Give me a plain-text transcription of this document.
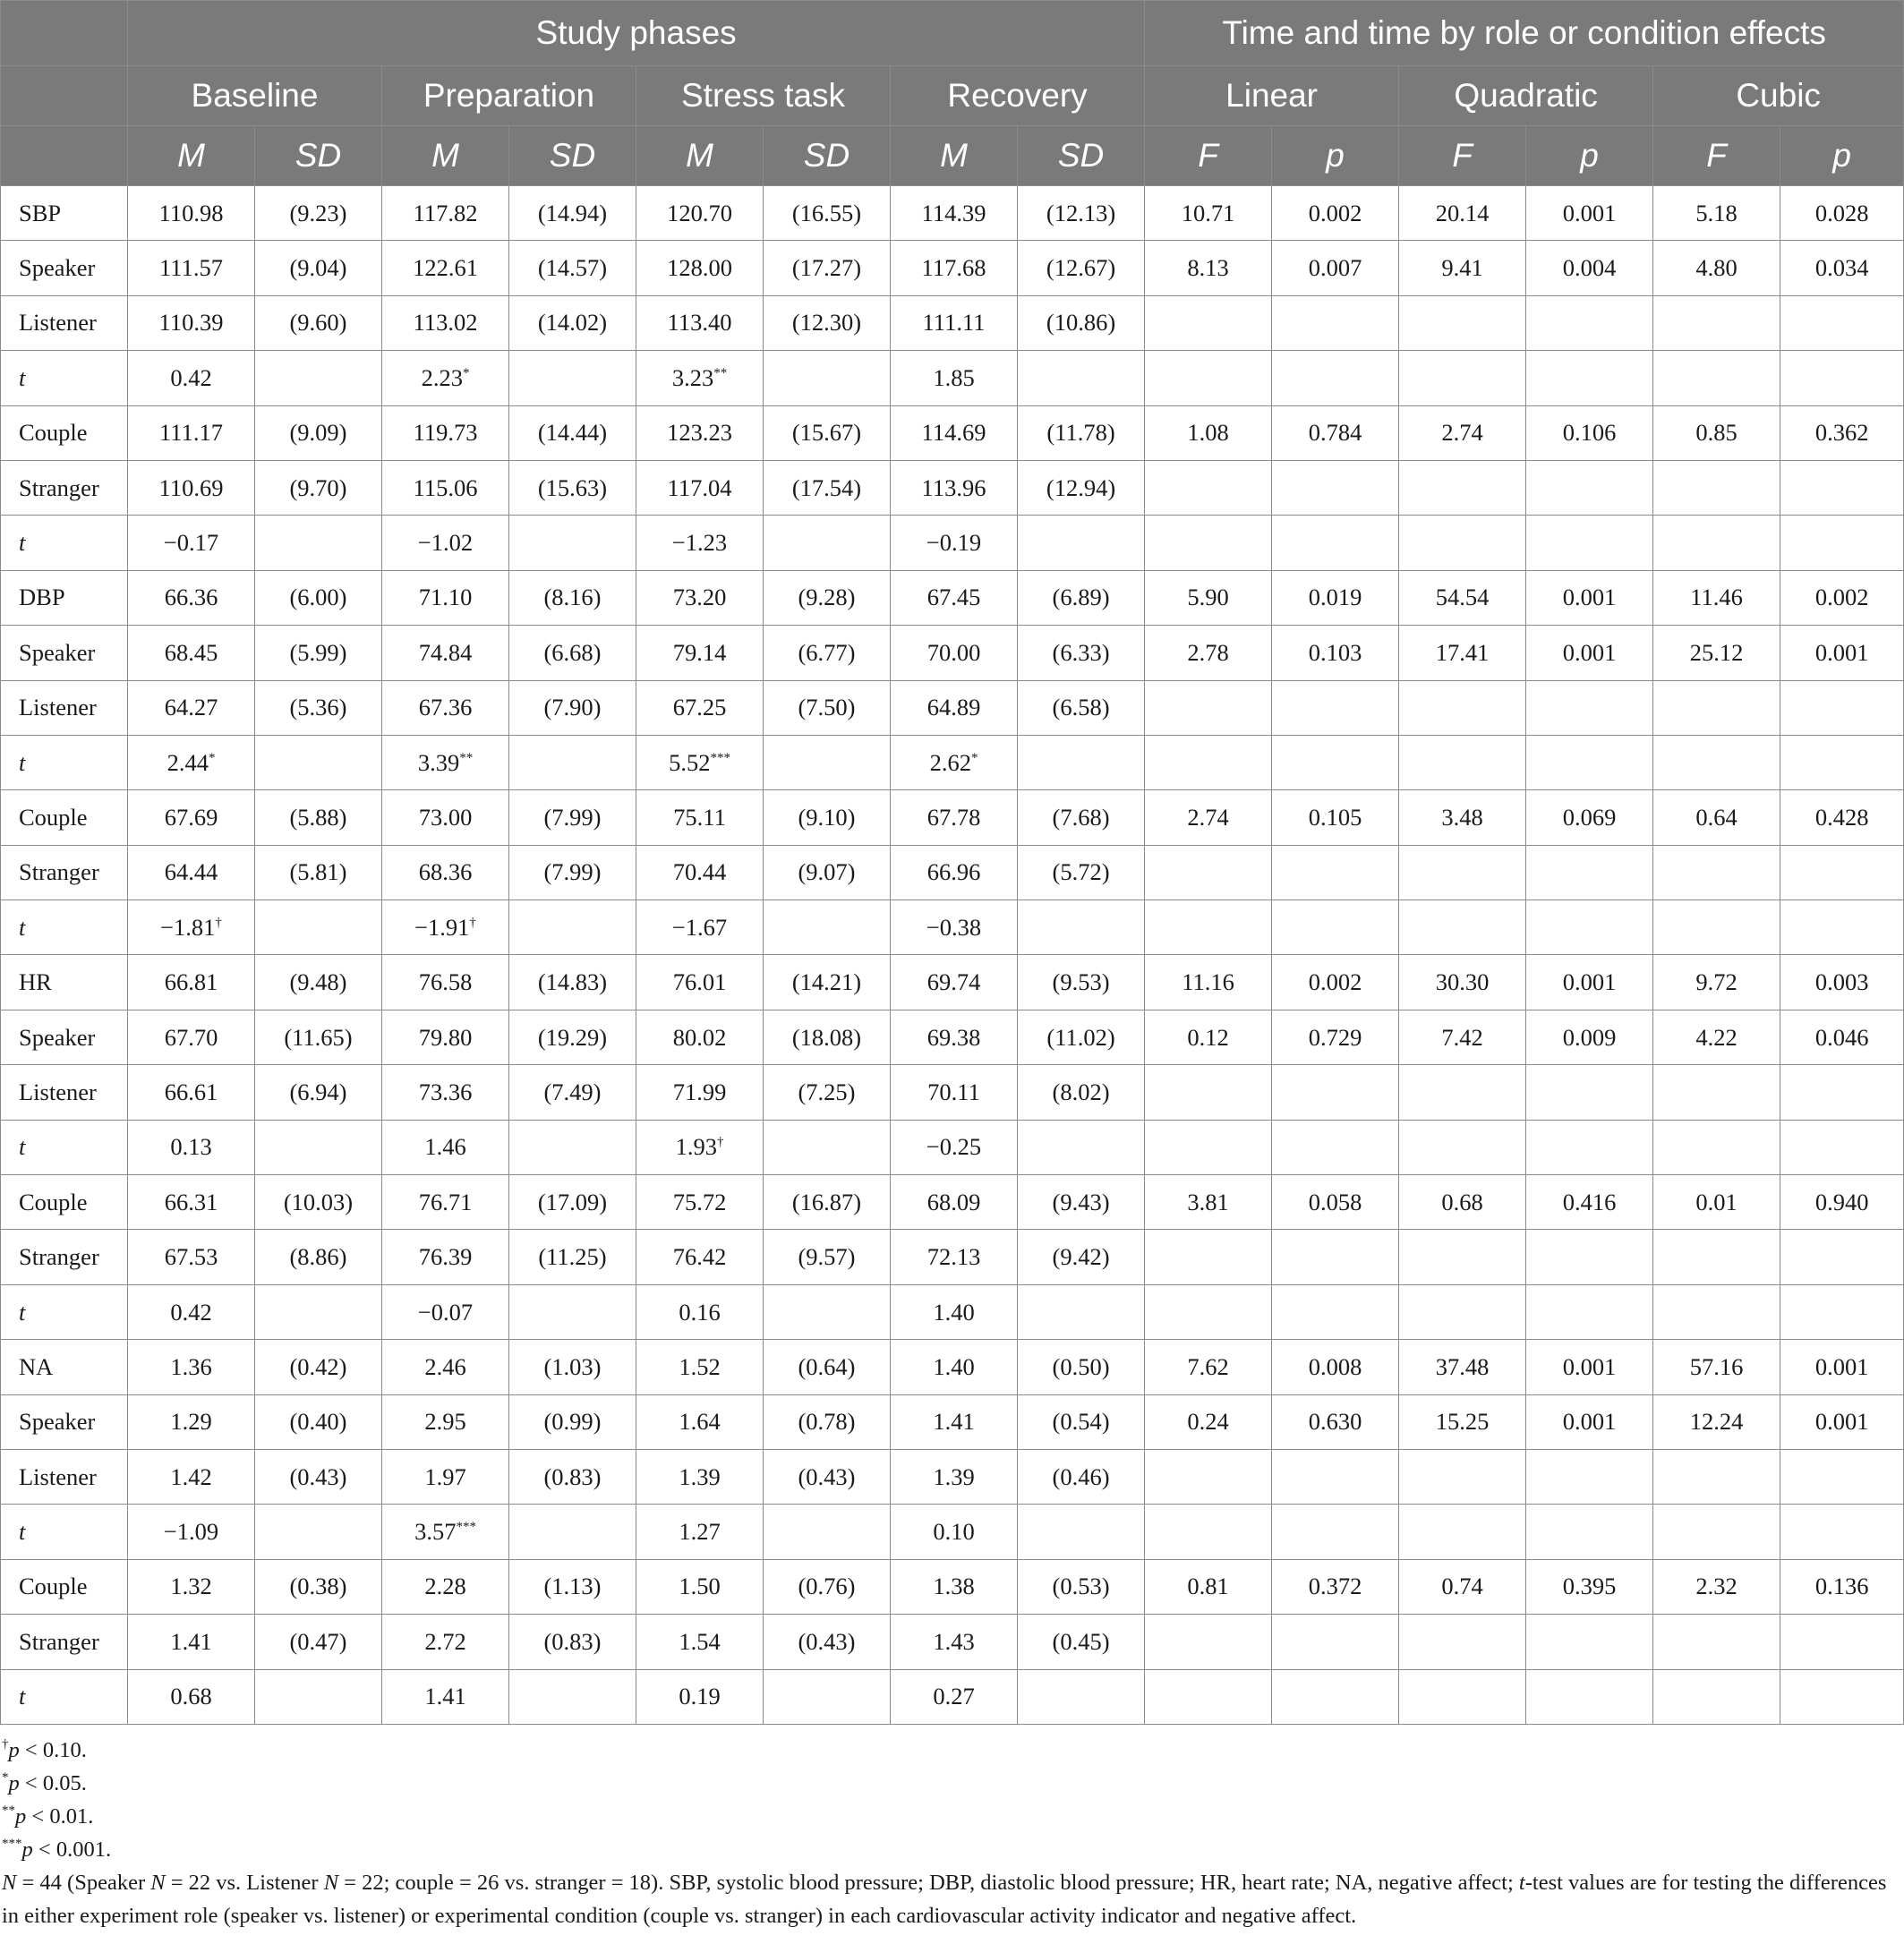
	Study phases								Time and time by role or condition effects					
	Baseline		Preparation		Stress task		Recovery		Linear		Quadratic		Cubic	
	M	SD	M	SD	M	SD	M	SD	F	p	F	p	F	p
SBP	110.98	(9.23)	117.82	(14.94)	120.70	(16.55)	114.39	(12.13)	10.71	0.002	20.14	0.001	5.18	0.028
Speaker	111.57	(9.04)	122.61	(14.57)	128.00	(17.27)	117.68	(12.67)	8.13	0.007	9.41	0.004	4.80	0.034
Listener	110.39	(9.60)	113.02	(14.02)	113.40	(12.30)	111.11	(10.86)						
t	0.42		2.23*		3.23**		1.85							
Couple	111.17	(9.09)	119.73	(14.44)	123.23	(15.67)	114.69	(11.78)	1.08	0.784	2.74	0.106	0.85	0.362
Stranger	110.69	(9.70)	115.06	(15.63)	117.04	(17.54)	113.96	(12.94)						
t	−0.17		−1.02		−1.23		−0.19							
DBP	66.36	(6.00)	71.10	(8.16)	73.20	(9.28)	67.45	(6.89)	5.90	0.019	54.54	0.001	11.46	0.002
Speaker	68.45	(5.99)	74.84	(6.68)	79.14	(6.77)	70.00	(6.33)	2.78	0.103	17.41	0.001	25.12	0.001
Listener	64.27	(5.36)	67.36	(7.90)	67.25	(7.50)	64.89	(6.58)						
t	2.44*		3.39**		5.52***		2.62*							
Couple	67.69	(5.88)	73.00	(7.99)	75.11	(9.10)	67.78	(7.68)	2.74	0.105	3.48	0.069	0.64	0.428
Stranger	64.44	(5.81)	68.36	(7.99)	70.44	(9.07)	66.96	(5.72)						
t	−1.81†		−1.91†		−1.67		−0.38							
HR	66.81	(9.48)	76.58	(14.83)	76.01	(14.21)	69.74	(9.53)	11.16	0.002	30.30	0.001	9.72	0.003
Speaker	67.70	(11.65)	79.80	(19.29)	80.02	(18.08)	69.38	(11.02)	0.12	0.729	7.42	0.009	4.22	0.046
Listener	66.61	(6.94)	73.36	(7.49)	71.99	(7.25)	70.11	(8.02)						
t	0.13		1.46		1.93†		−0.25							
Couple	66.31	(10.03)	76.71	(17.09)	75.72	(16.87)	68.09	(9.43)	3.81	0.058	0.68	0.416	0.01	0.940
Stranger	67.53	(8.86)	76.39	(11.25)	76.42	(9.57)	72.13	(9.42)						
t	0.42		−0.07		0.16		1.40							
NA	1.36	(0.42)	2.46	(1.03)	1.52	(0.64)	1.40	(0.50)	7.62	0.008	37.48	0.001	57.16	0.001
Speaker	1.29	(0.40)	2.95	(0.99)	1.64	(0.78)	1.41	(0.54)	0.24	0.630	15.25	0.001	12.24	0.001
Listener	1.42	(0.43)	1.97	(0.83)	1.39	(0.43)	1.39	(0.46)						
t	−1.09		3.57***		1.27		0.10							
Couple	1.32	(0.38)	2.28	(1.13)	1.50	(0.76)	1.38	(0.53)	0.81	0.372	0.74	0.395	2.32	0.136
Stranger	1.41	(0.47)	2.72	(0.83)	1.54	(0.43)	1.43	(0.45)						
t	0.68		1.41		0.19		0.27							
†p < 0.10.
*p < 0.05.
**p < 0.01.
***p < 0.001.
N = 44 (Speaker N = 22 vs. Listener N = 22; couple = 26 vs. stranger = 18). SBP, systolic blood pressure; DBP, diastolic blood pressure; HR, heart rate; NA, negative affect; t-test values are for testing the differences in either experiment role (speaker vs. listener) or experimental condition (couple vs. stranger) in each cardiovascular activity indicator and negative affect.
